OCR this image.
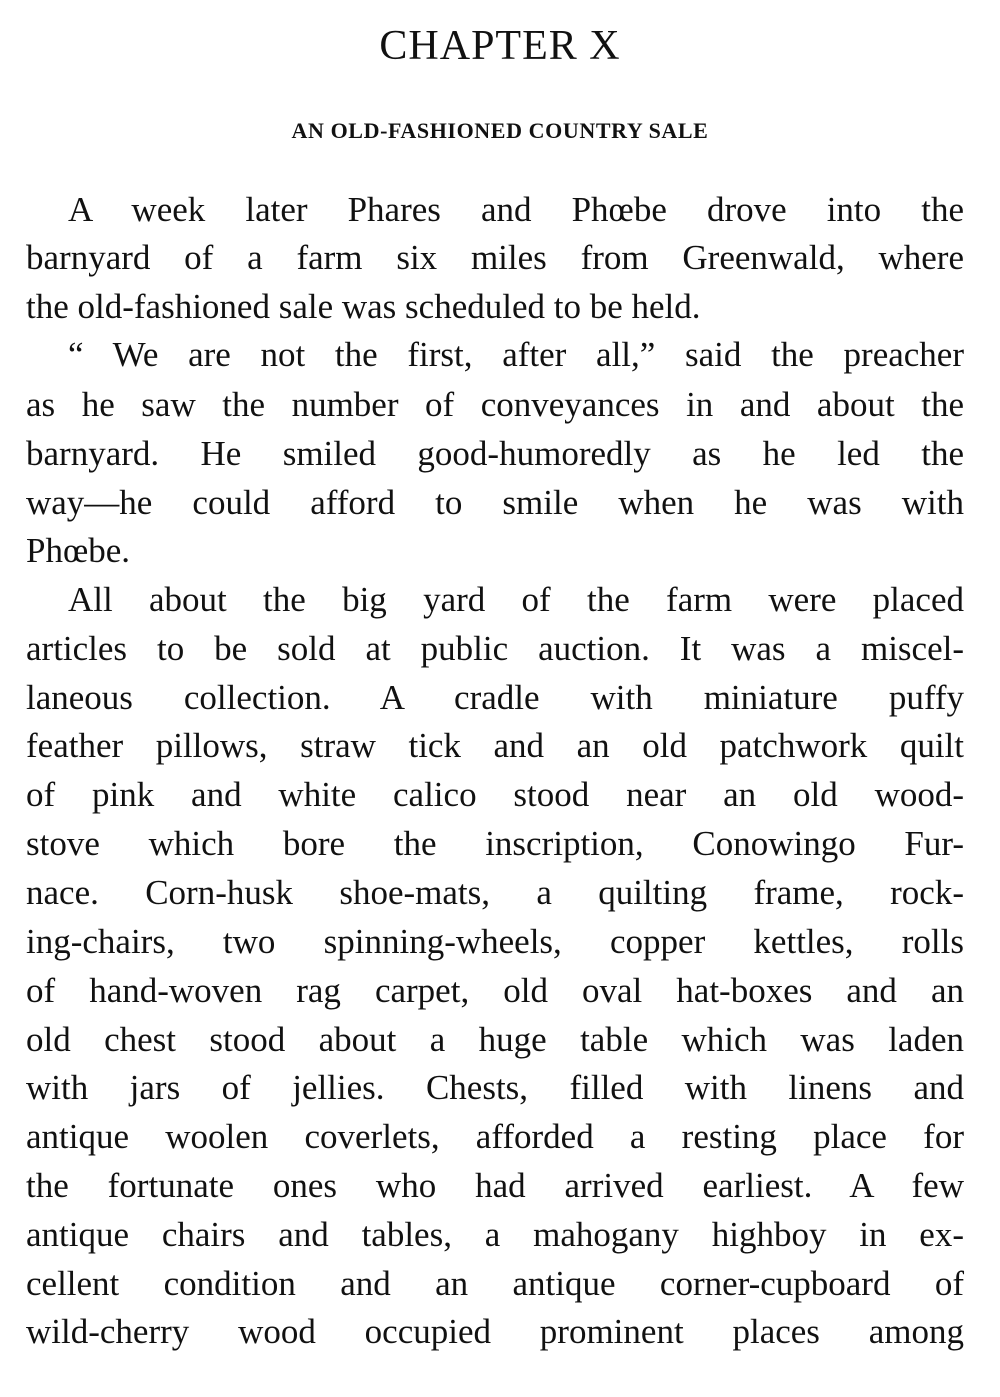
CHAPTER X
AN OLD-FASHIONED COUNTRY SALE
A week later Phares and Phœbe drove into the
barnyard of a farm six miles from Greenwald, where
the old-fashioned sale was scheduled to be held.
“ We are not the first, after all,” said the preacher
as he saw the number of conveyances in and about the
barnyard. He smiled good-humoredly as he led the
way—he could afford to smile when he was with
Phœbe.
All about the big yard of the farm were placed
articles to be sold at public auction. It was a miscel-
laneous collection. A cradle with miniature puffy
feather pillows, straw tick and an old patchwork quilt
of pink and white calico stood near an old wood-
stove which bore the inscription, Conowingo Fur-
nace. Corn-husk shoe-mats, a quilting frame, rock-
ing-chairs, two spinning-wheels, copper kettles, rolls
of hand-woven rag carpet, old oval hat-boxes and an
old chest stood about a huge table which was laden
with jars of jellies. Chests, filled with linens and
antique woolen coverlets, afforded a resting place for
the fortunate ones who had arrived earliest. A few
antique chairs and tables, a mahogany highboy in ex-
cellent condition and an antique corner-cupboard of
wild-cherry wood occupied prominent places among
